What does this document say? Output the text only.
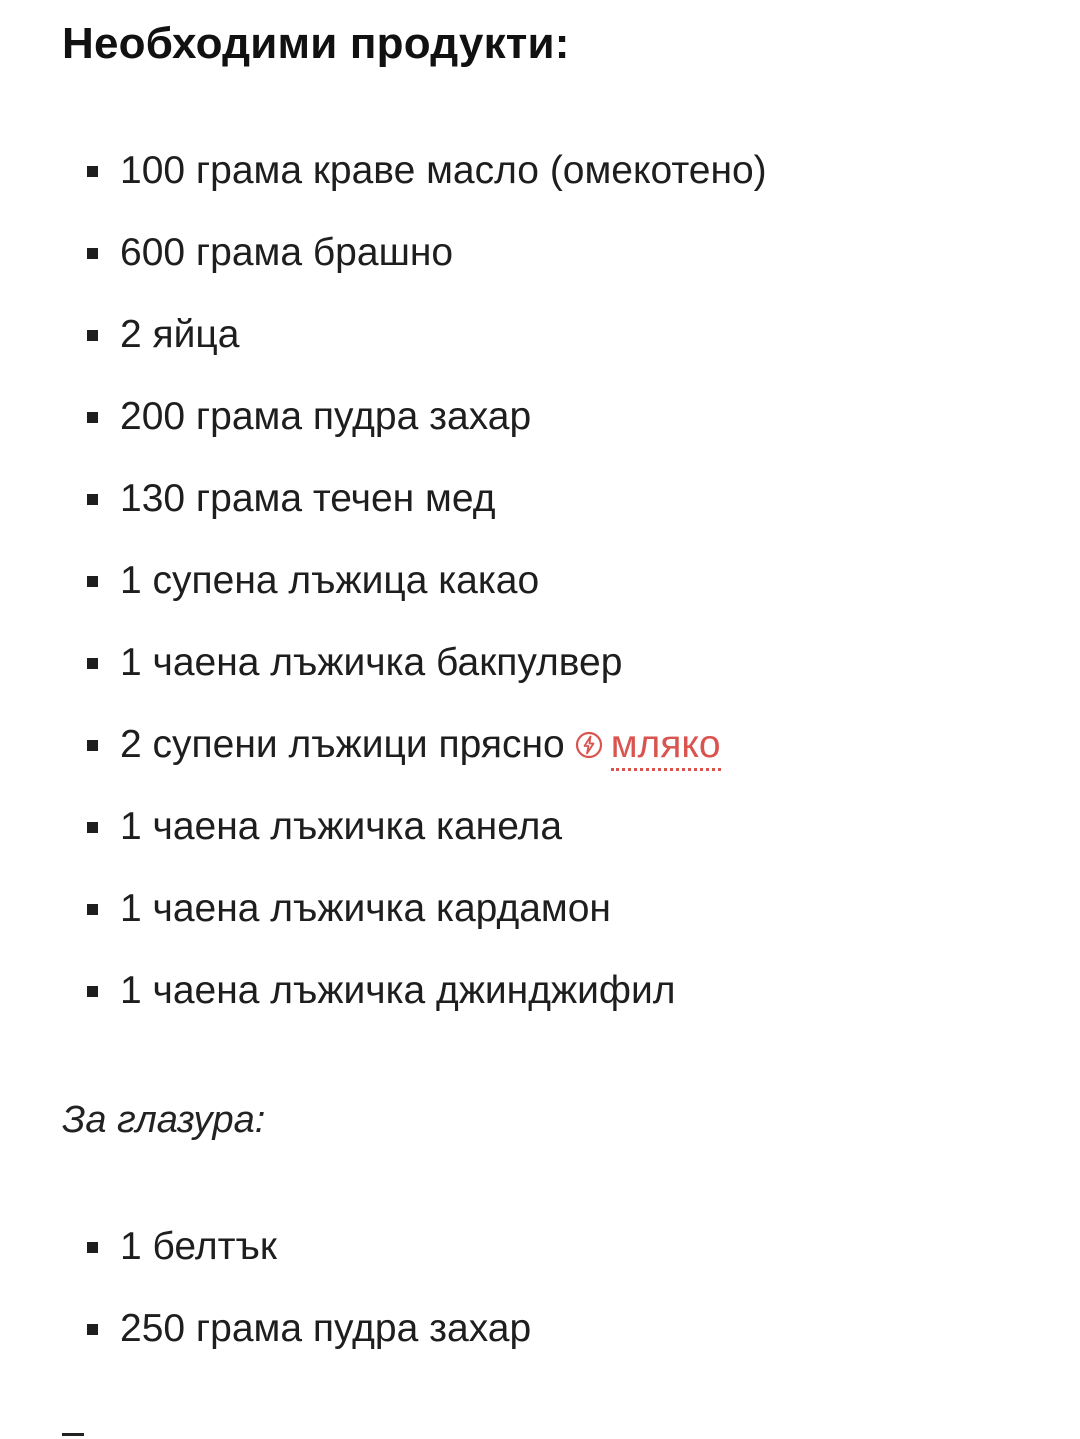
Необходими продукти:
100 грама краве масло (омекотено)
600 грама брашно
2 яйца
200 грама пудра захар
130 грама течен мед
1 супена лъжица какао
1 чаена лъжичка бакпулвер
2 супени лъжици прясно мляко
1 чаена лъжичка канела
1 чаена лъжичка кардамон
1 чаена лъжичка джинджифил
За глазура:
1 белтък
250 грама пудра захар
